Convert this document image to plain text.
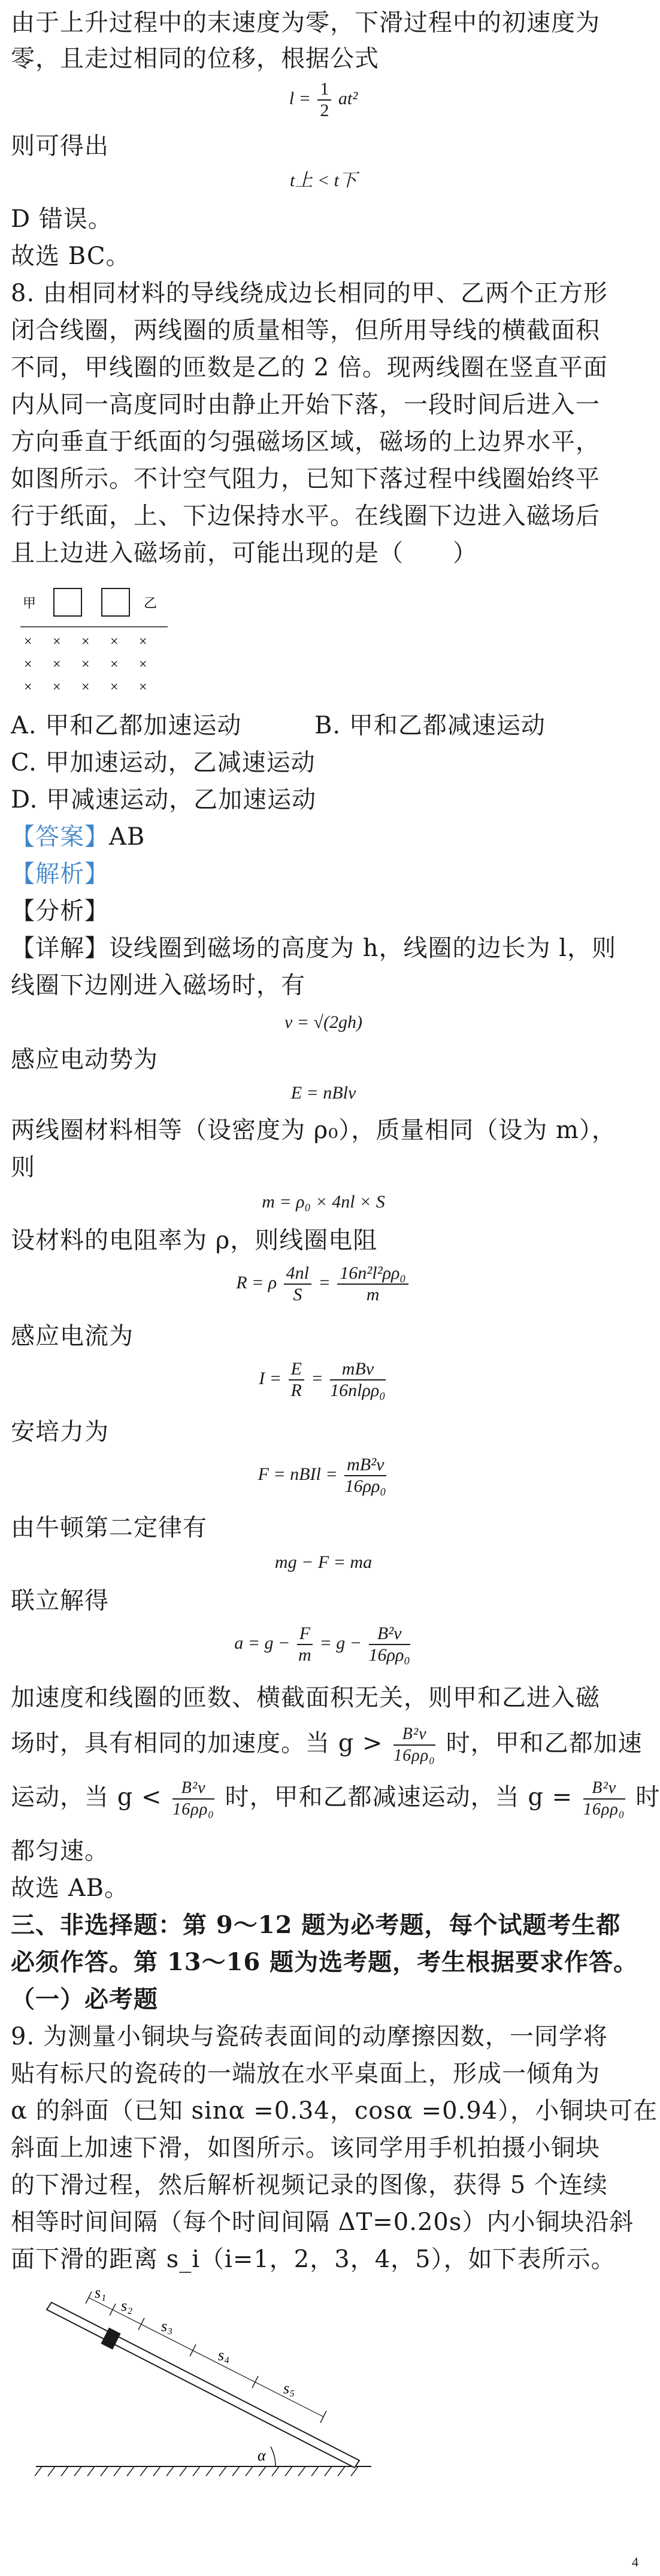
由于上升过程中的末速度为零，下滑过程中的初速度为
零，且走过相同的位移，根据公式
$l = \frac{1}{2} at^2$
则可得出
t上 < t下
D 错误。
故选 BC。
8. 由相同材料的导线绕成边长相同的甲、乙两个正方形
闭合线圈，两线圈的质量相等，但所用导线的横截面积
不同，甲线圈的匝数是乙的 2 倍。现两线圈在竖直平面
内从同一高度同时由静止开始下落，一段时间后进入一
方向垂直于纸面的匀强磁场区域，磁场的上边界水平，
如图所示。不计空气阻力，已知下落过程中线圈始终平
行于纸面，上、下边保持水平。在线圈下边进入磁场后
且上边进入磁场前，可能出现的是（　　）
甲	乙
× × × × ×
× × × × ×
× × × × ×
A. 甲和乙都加速运动	B. 甲和乙都减速运动
C. 甲加速运动，乙减速运动
D. 甲减速运动，乙加速运动
【答案】AB
【解析】
【分析】
【详解】设线圈到磁场的高度为 h，线圈的边长为 l，则
线圈下边刚进入磁场时，有
v = √(2gh)
感应电动势为
E = nBlv
两线圈材料相等（设密度为 ρ₀），质量相同（设为 m），
则
m = ρ₀ × 4nl × S
设材料的电阻率为 ρ，则线圈电阻
R = ρ $\frac{4nl}{S} = \frac{\text{16n²l²ρρ₀}}{m}$
感应电流为
$I = \frac{E}{R} = \frac{\text{mBv}}{\text{16nlρρ₀}}$
安培力为
F = nBIl = $\frac{\text{mB²v}}{\text{16ρρ₀}}$
由牛顿第二定律有
mg − F = ma
联立解得
$a = g - \frac{F}{m} = g - \frac{\text{B²v}}{\text{16ρρ₀}}$
加速度和线圈的匝数、横截面积无关，则甲和乙进入磁
场时，具有相同的加速度。当 $g > \frac{\text{B²v}}{\text{16ρρ₀}}$ 时，甲和乙都加速
运动，当 $g < \frac{\text{B²v}}{\text{16ρρ₀}}$ 时，甲和乙都减速运动，当 $g = \frac{\text{B²v}}{\text{16ρρ₀}}$ 时
都匀速。
故选 AB。
三、非选择题：第 9～12 题为必考题，每个试题考生都
必须作答。第 13～16 题为选考题，考生根据要求作答。
（一）必考题
9. 为测量小铜块与瓷砖表面间的动摩擦因数，一同学将
贴有标尺的瓷砖的一端放在水平桌面上，形成一倾角为
α 的斜面（已知 sinα =0.34，cosα =0.94），小铜块可在
斜面上加速下滑，如图所示。该同学用手机拍摄小铜块
的下滑过程，然后解析视频记录的图像，获得 5 个连续
相等时间间隔（每个时间间隔 ΔT=0.20s）内小铜块沿斜
面下滑的距离 s_i（i=1，2，3，4，5），如下表所示。
s₁
s₂
s₃
s₄
s₅
α
4
